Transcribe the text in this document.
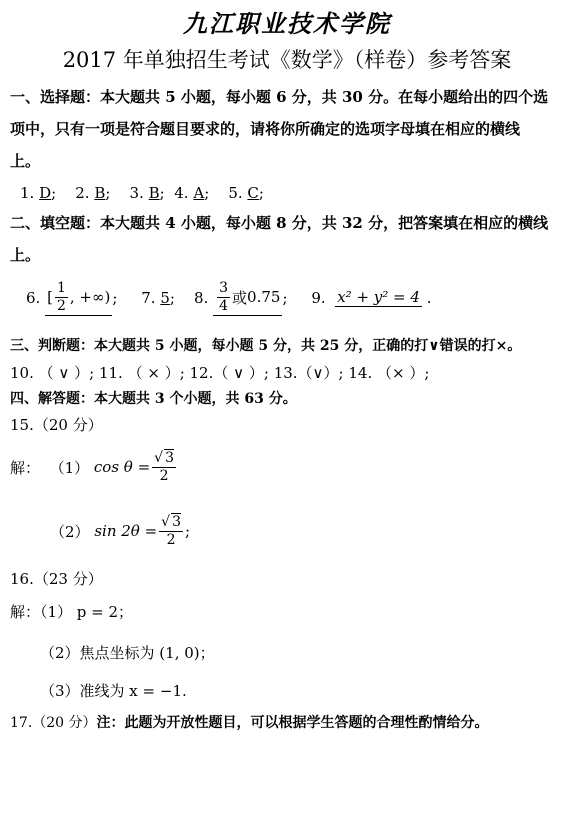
九江职业技术学院
2017 年单独招生考试《数学》（样卷）参考答案
一、选择题：本大题共 5 小题，每小题 6 分，共 30 分。在每小题给出的四个选
项中，只有一项是符合题目要求的，请将你所确定的选项字母填在相应的横线
上。
1. D;    2. B;    3. B;  4. A;    5. C;
二、填空题：本大题共 4 小题，每小题 8 分，共 32 分，把答案填在相应的横线
上。
6.
[ $\frac{1}{2}$ , +∞) ; 7.
5 ; 8.
$\frac{3}{4}$ 或 0.75 ; 9.
x² + y² = 4 .
三、判断题：本大题共 5 小题，每小题 5 分，共 25 分，正确的打∨错误的打×。
10. （ ∨ ）; 11. （ × ）; 12.（ ∨ ）; 13.（∨）; 14. （× ）;
四、解答题：本大题共 3 个小题，共 63 分。
15.（20 分）
解：
（1）
$\cos \theta = \frac{√ 3}{2}$
（2）
$\sin 2\theta = \frac{√ 3}{2}$ ;
16.（23 分）
解：（1） p = 2；
（2）焦点坐标为 (1, 0)；
（3）准线为 x = −1.
17.（20 分）注：此题为开放性题目，可以根据学生答题的合理性酌情给分。
